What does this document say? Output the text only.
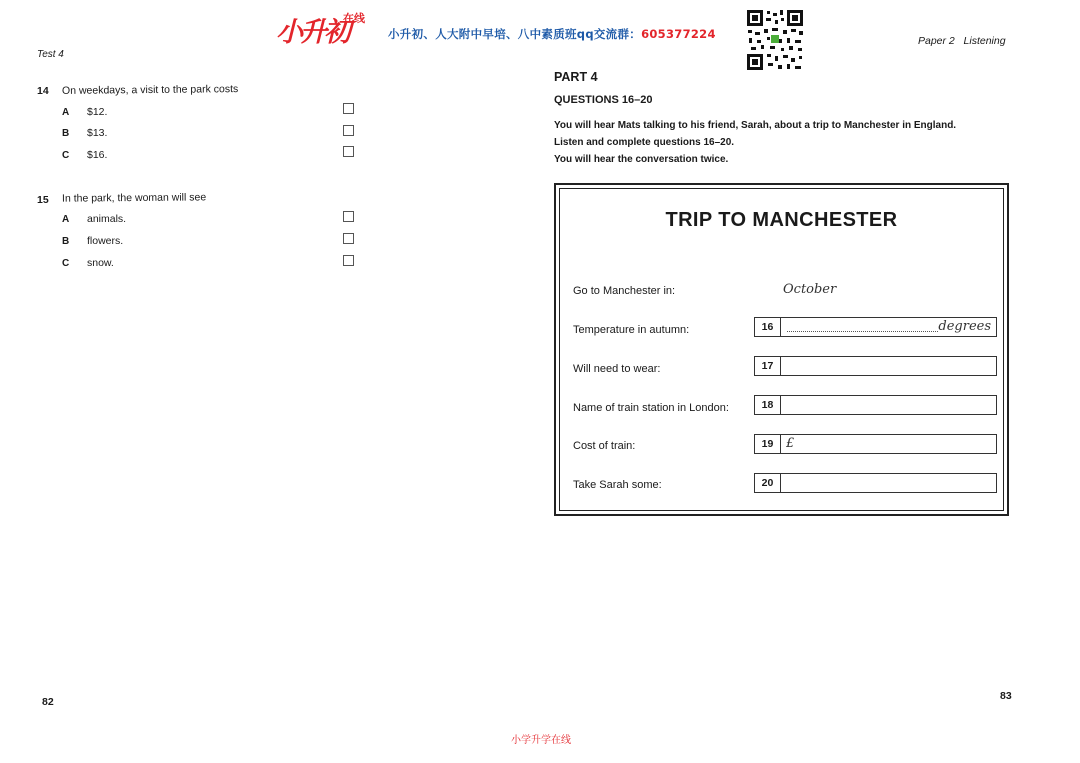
小升初
在线
小升初、人大附中早培、八中素质班qq交流群：605377224
Test 4
14 On weekdays, a visit to the park costs
A $12.
B $13.
C $16.
15 In the park, the woman will see
A animals.
B flowers.
C snow.
82
Paper 2   Listening
PART 4
QUESTIONS 16–20
You will hear Mats talking to his friend, Sarah, about a trip to Manchester in England.
Listen and complete questions 16–20.
You will hear the conversation twice.
TRIP TO MANCHESTER
Go to Manchester in:	October
Temperature in autumn:	16	degrees
Will need to wear:	17
Name of train station in London:	18
Cost of train:	19 £
Take Sarah some:	20
83
小学升学在线
